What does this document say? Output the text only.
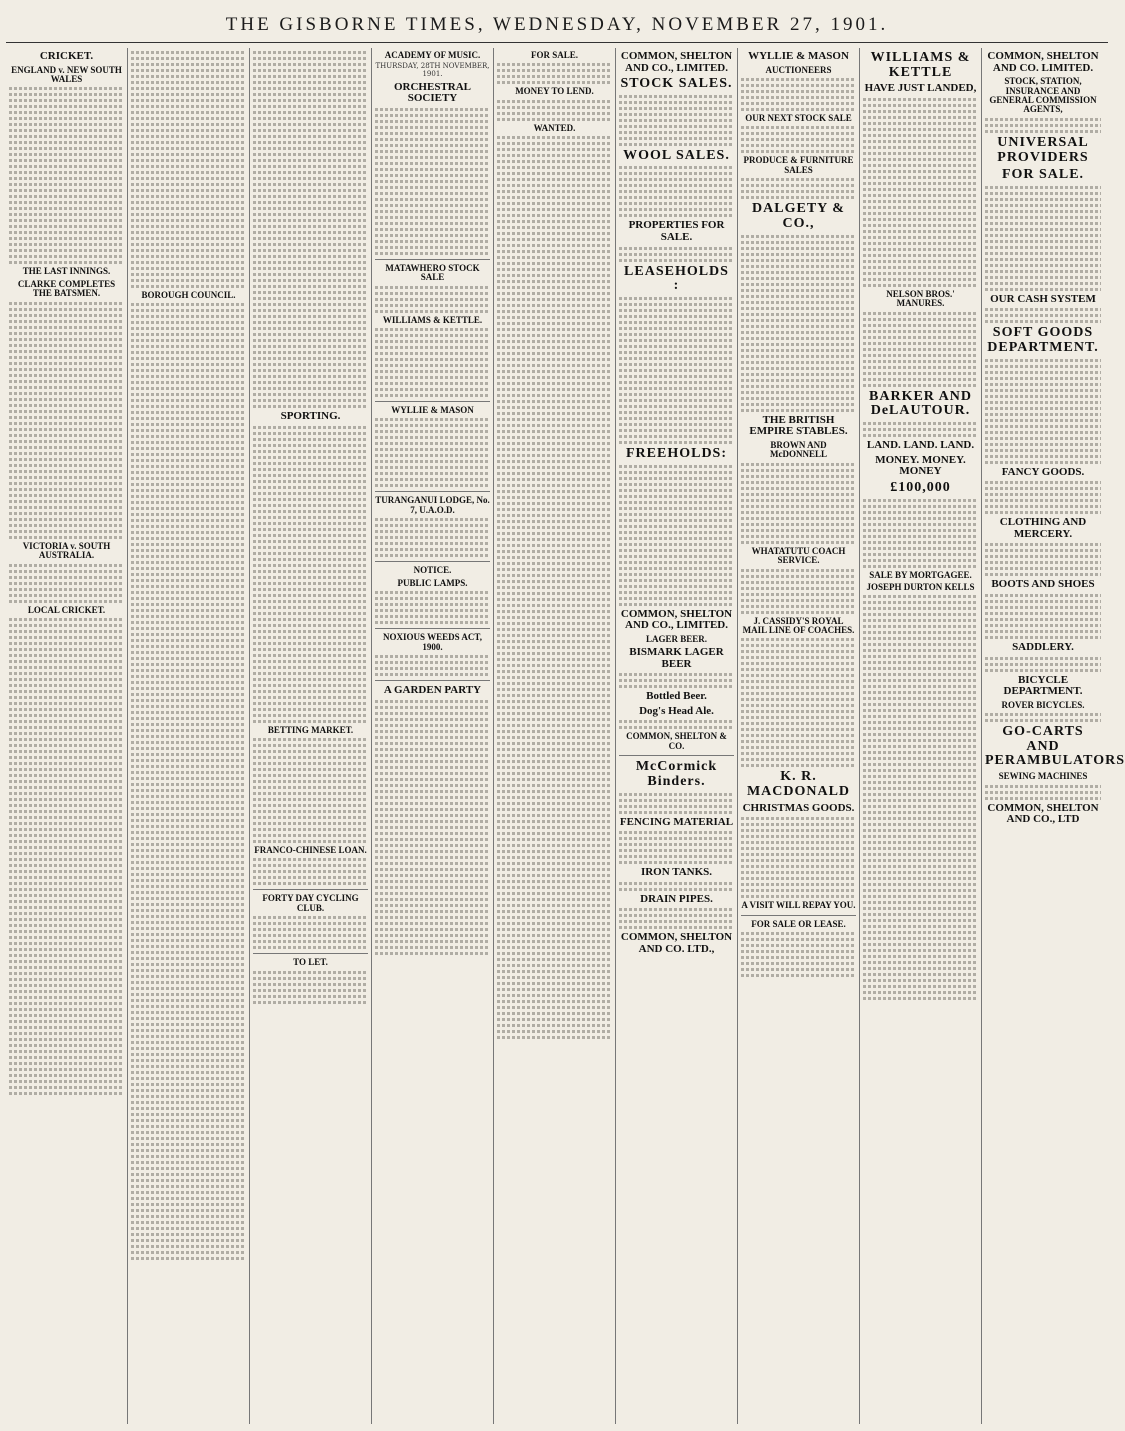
THE GISBORNE TIMES, WEDNESDAY, NOVEMBER 27, 1901.
CRICKET.
ENGLAND v. NEW SOUTH WALES
THE LAST INNINGS.
CLARKE COMPLETES THE BATSMEN.
VICTORIA v. SOUTH AUSTRALIA.
LOCAL CRICKET.
BOROUGH COUNCIL.
SPORTING.
BETTING MARKET.
FRANCO-CHINESE LOAN.
FORTY DAY CYCLING CLUB.
TO LET.
ACADEMY OF MUSIC.
THURSDAY, 28TH NOVEMBER, 1901.
ORCHESTRAL SOCIETY
MATAWHERO STOCK SALE
WILLIAMS & KETTLE.
WYLLIE & MASON
TURANGANUI LODGE, No. 7, U.A.O.D.
NOTICE.
PUBLIC LAMPS.
NOXIOUS WEEDS ACT, 1900.
A GARDEN PARTY
FOR SALE.
MONEY TO LEND.
WANTED.
COMMON, SHELTON AND CO., LIMITED.
STOCK SALES.
WOOL SALES.
PROPERTIES FOR SALE.
LEASEHOLDS :
FREEHOLDS:
COMMON, SHELTON AND CO., LIMITED.
LAGER BEER.
BISMARK LAGER BEER
Bottled Beer.
Dog's Head Ale.
COMMON, SHELTON & CO.
McCormick Binders.
FENCING MATERIAL
IRON TANKS.
DRAIN PIPES.
COMMON, SHELTON AND CO. LTD.,
WYLLIE & MASON
AUCTIONEERS
OUR NEXT STOCK SALE
PRODUCE & FURNITURE SALES
DALGETY & CO.,
THE BRITISH EMPIRE STABLES.
BROWN AND McDONNELL
WHATATUTU COACH SERVICE.
J. CASSIDY'S ROYAL MAIL LINE OF COACHES.
K. R. MACDONALD
CHRISTMAS GOODS.
A VISIT WILL REPAY YOU.
FOR SALE OR LEASE.
WILLIAMS & KETTLE
HAVE JUST LANDED,
NELSON BROS.' MANURES.
BARKER AND DeLAUTOUR.
LAND. LAND. LAND.
MONEY. MONEY. MONEY
£100,000
SALE BY MORTGAGEE.
JOSEPH DURTON KELLS
COMMON, SHELTON AND CO. LIMITED.
STOCK, STATION, INSURANCE AND GENERAL COMMISSION AGENTS,
UNIVERSAL PROVIDERS
FOR SALE.
OUR CASH SYSTEM
SOFT GOODS DEPARTMENT.
FANCY GOODS.
CLOTHING AND MERCERY.
BOOTS AND SHOES
SADDLERY.
BICYCLE DEPARTMENT.
ROVER BICYCLES.
GO-CARTS AND PERAMBULATORS
SEWING MACHINES
COMMON, SHELTON AND CO., LTD
